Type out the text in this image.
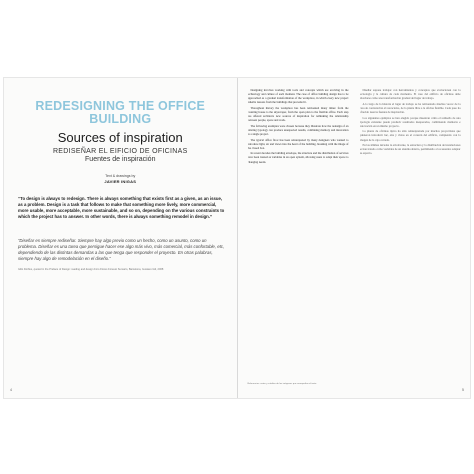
REDESIGNING THE OFFICE BUILDING
Sources of inspiration
REDISEÑAR EL EIFICIO DE OFICINAS
Fuentes de inspiración
Text & drawings by
JAVIER INIGAS
“To design is always to redesign. There is always something that exists first as a given, as an issue, as a problem. Design is a task that follows to make that something more lively, more commercial, more usable, more acceptable, more sustainable, and so on, depending on the various constraints to which the project has to answer. In other words, there is always something remodel in design.”
“Diseñar es siempre rediseñar. Siempre hay algo previo como un hecho, como un asunto, como un problema. Diseñar es una tarea que persigue hacer ese algo más vivo, más comercial, más confortable, etc, dependiendo de las distintas demandas a las que tenga que responder el proyecto. En otras palabras, siempre hay algo de remodelación en el diseño.”
Gillo Dorfles, quoted in the Preface of Design: reading and design Foro Flores Foreuto Sumario, Barcelona, Gustavo Gili, 2008
4

Designing involves working with tools and concepts which are evolving in the technology and culture of each moment. The case of office building design has to be approached as a gradual transformation of the workplace, in which every new project inherits lessons from the buildings that preceded it.

Throughout history the workplace has been reinvented many times: from the counting house to the skyscraper, from the open plan to the flexible office. Each step has offered architects new sources of inspiration for rethinking the relationship between people, space and work.

The following examples were chosen because they illustrate how the redesign of an existing typology can produce unexpected results, combining memory and innovation in a single project.

The typical office floor has been reinterpreted by many designers who wanted to introduce light, air and views into the heart of the building, breaking with the image of the closed box.

In recent decades the building envelope, the structure and the distribution of services have been treated as variables in an open system, allowing users to adapt their space to changing needs.

Diseñar supone trabajar con herramientas y conceptos que evolucionan con la tecnología y la cultura de cada momento. El caso del edificio de oficinas debe abordarse como una transformación gradual del lugar de trabajo.

A lo largo de la historia el lugar de trabajo se ha reinventado muchas veces: de la casa de contratación al rascacielos, de la planta libre a la oficina flexible. Cada paso ha ofrecido nuevas fuentes de inspiración.

Los siguientes ejemplos se han elegido porque muestran cómo el rediseño de una tipología existente puede producir resultados inesperados, combinando memoria e innovación en un mismo proyecto.

La planta de oficinas típica ha sido reinterpretada por muchos proyectistas que quisieron introducir luz, aire y vistas en el corazón del edificio, rompiendo con la imagen de la caja cerrada.

En las últimas décadas la envolvente, la estructura y la distribución de instalaciones se han tratado como variables de un sistema abierto, permitiendo a los usuarios adaptar su espacio.

Referencias: notas y créditos de las imágenes que acompañan el texto.
5
